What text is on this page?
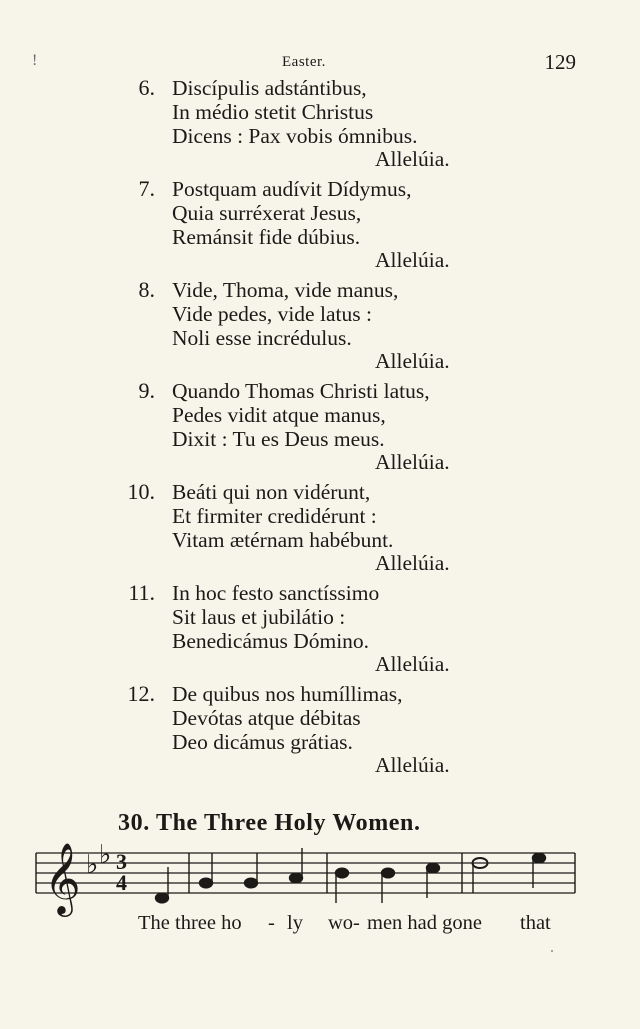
Easter.	129
!
6. Discípulis adstántibus,
In médio stetit Christus
Dicens : Pax vobis ómnibus.
Allelúia.
7. Postquam audívit Dídymus,
Quia surréxerat Jesus,
Remánsit fide dúbius.
Allelúia.
8. Vide, Thoma, vide manus,
Vide pedes, vide latus :
Noli esse incrédulus.
Allelúia.
9. Quando Thomas Christi latus,
Pedes vidit atque manus,
Dixit : Tu es Deus meus.
Allelúia.
10. Beáti qui non vidérunt,
Et firmiter credidérunt :
Vitam ætérnam habébunt.
Allelúia.
11. In hoc festo sanctíssimo
Sit laus et jubilátio :
Benedicámus Dómino.
Allelúia.
12. De quibus nos humíllimas,
Devótas atque débitas
Deo dicámus grátias.
Allelúia.
30. The Three Holy Women.
𝄞 ♭ ♭ 3
4
The three ho - ly wo- men had gone that
